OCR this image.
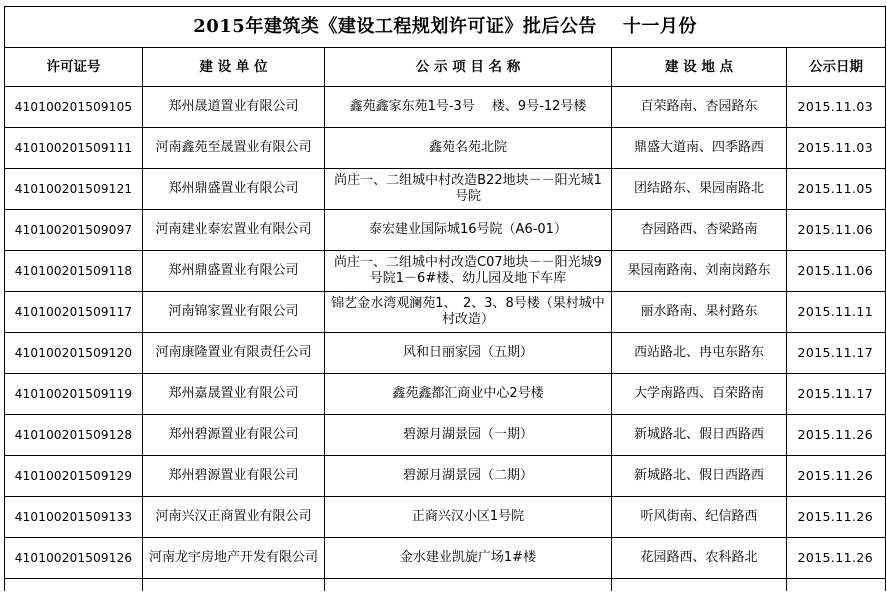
2015年建筑类《建设工程规划许可证》批后公告 十一月份				
许可证号	建 设 单 位	公 示 项 目 名 称	建 设 地 点	公示日期
410100201509105	郑州晟道置业有限公司	鑫苑鑫家东苑1号-3号　 楼、9号-12号楼	百荣路南、杏园路东	2015.11.03
410100201509111	河南鑫苑至晟置业有限公司	鑫苑名苑北院	鼎盛大道南、四季路西	2015.11.03
410100201509121	郑州鼎盛置业有限公司	尚庄一、二组城中村改造B22地块－－阳光城1号院	团结路东、果园南路北	2015.11.05
410100201509097	河南建业泰宏置业有限公司	泰宏建业国际城16号院（A6-01）	杏园路西、杏梁路南	2015.11.06
410100201509118	郑州鼎盛置业有限公司	尚庄一、二组城中村改造C07地块－－阳光城9号院1－6#楼、幼儿园及地下车库	果园南路南、刘南岗路东	2015.11.06
410100201509117	河南锦家置业有限公司	锦艺金水湾观澜苑1、　2、3、8号楼（果村城中村改造）	丽水路南、果村路东	2015.11.11
410100201509120	河南康隆置业有限责任公司	风和日丽家园（五期）	西站路北、冉屯东路东	2015.11.17
410100201509119	郑州嘉晟置业有限公司	鑫苑鑫都汇商业中心2号楼	大学南路西、百荣路南	2015.11.17
410100201509128	郑州碧源置业有限公司	碧源月湖景园（一期）	新城路北、假日西路西	2015.11.26
410100201509129	郑州碧源置业有限公司	碧源月湖景园（二期）	新城路北、假日西路西	2015.11.26
410100201509133	河南兴汉正商置业有限公司	正商兴汉小区1号院	听风街南、纪信路西	2015.11.26
410100201509126	河南龙宇房地产开发有限公司	金水建业凯旋广场1#楼	花园路西、农科路北	2015.11.26
